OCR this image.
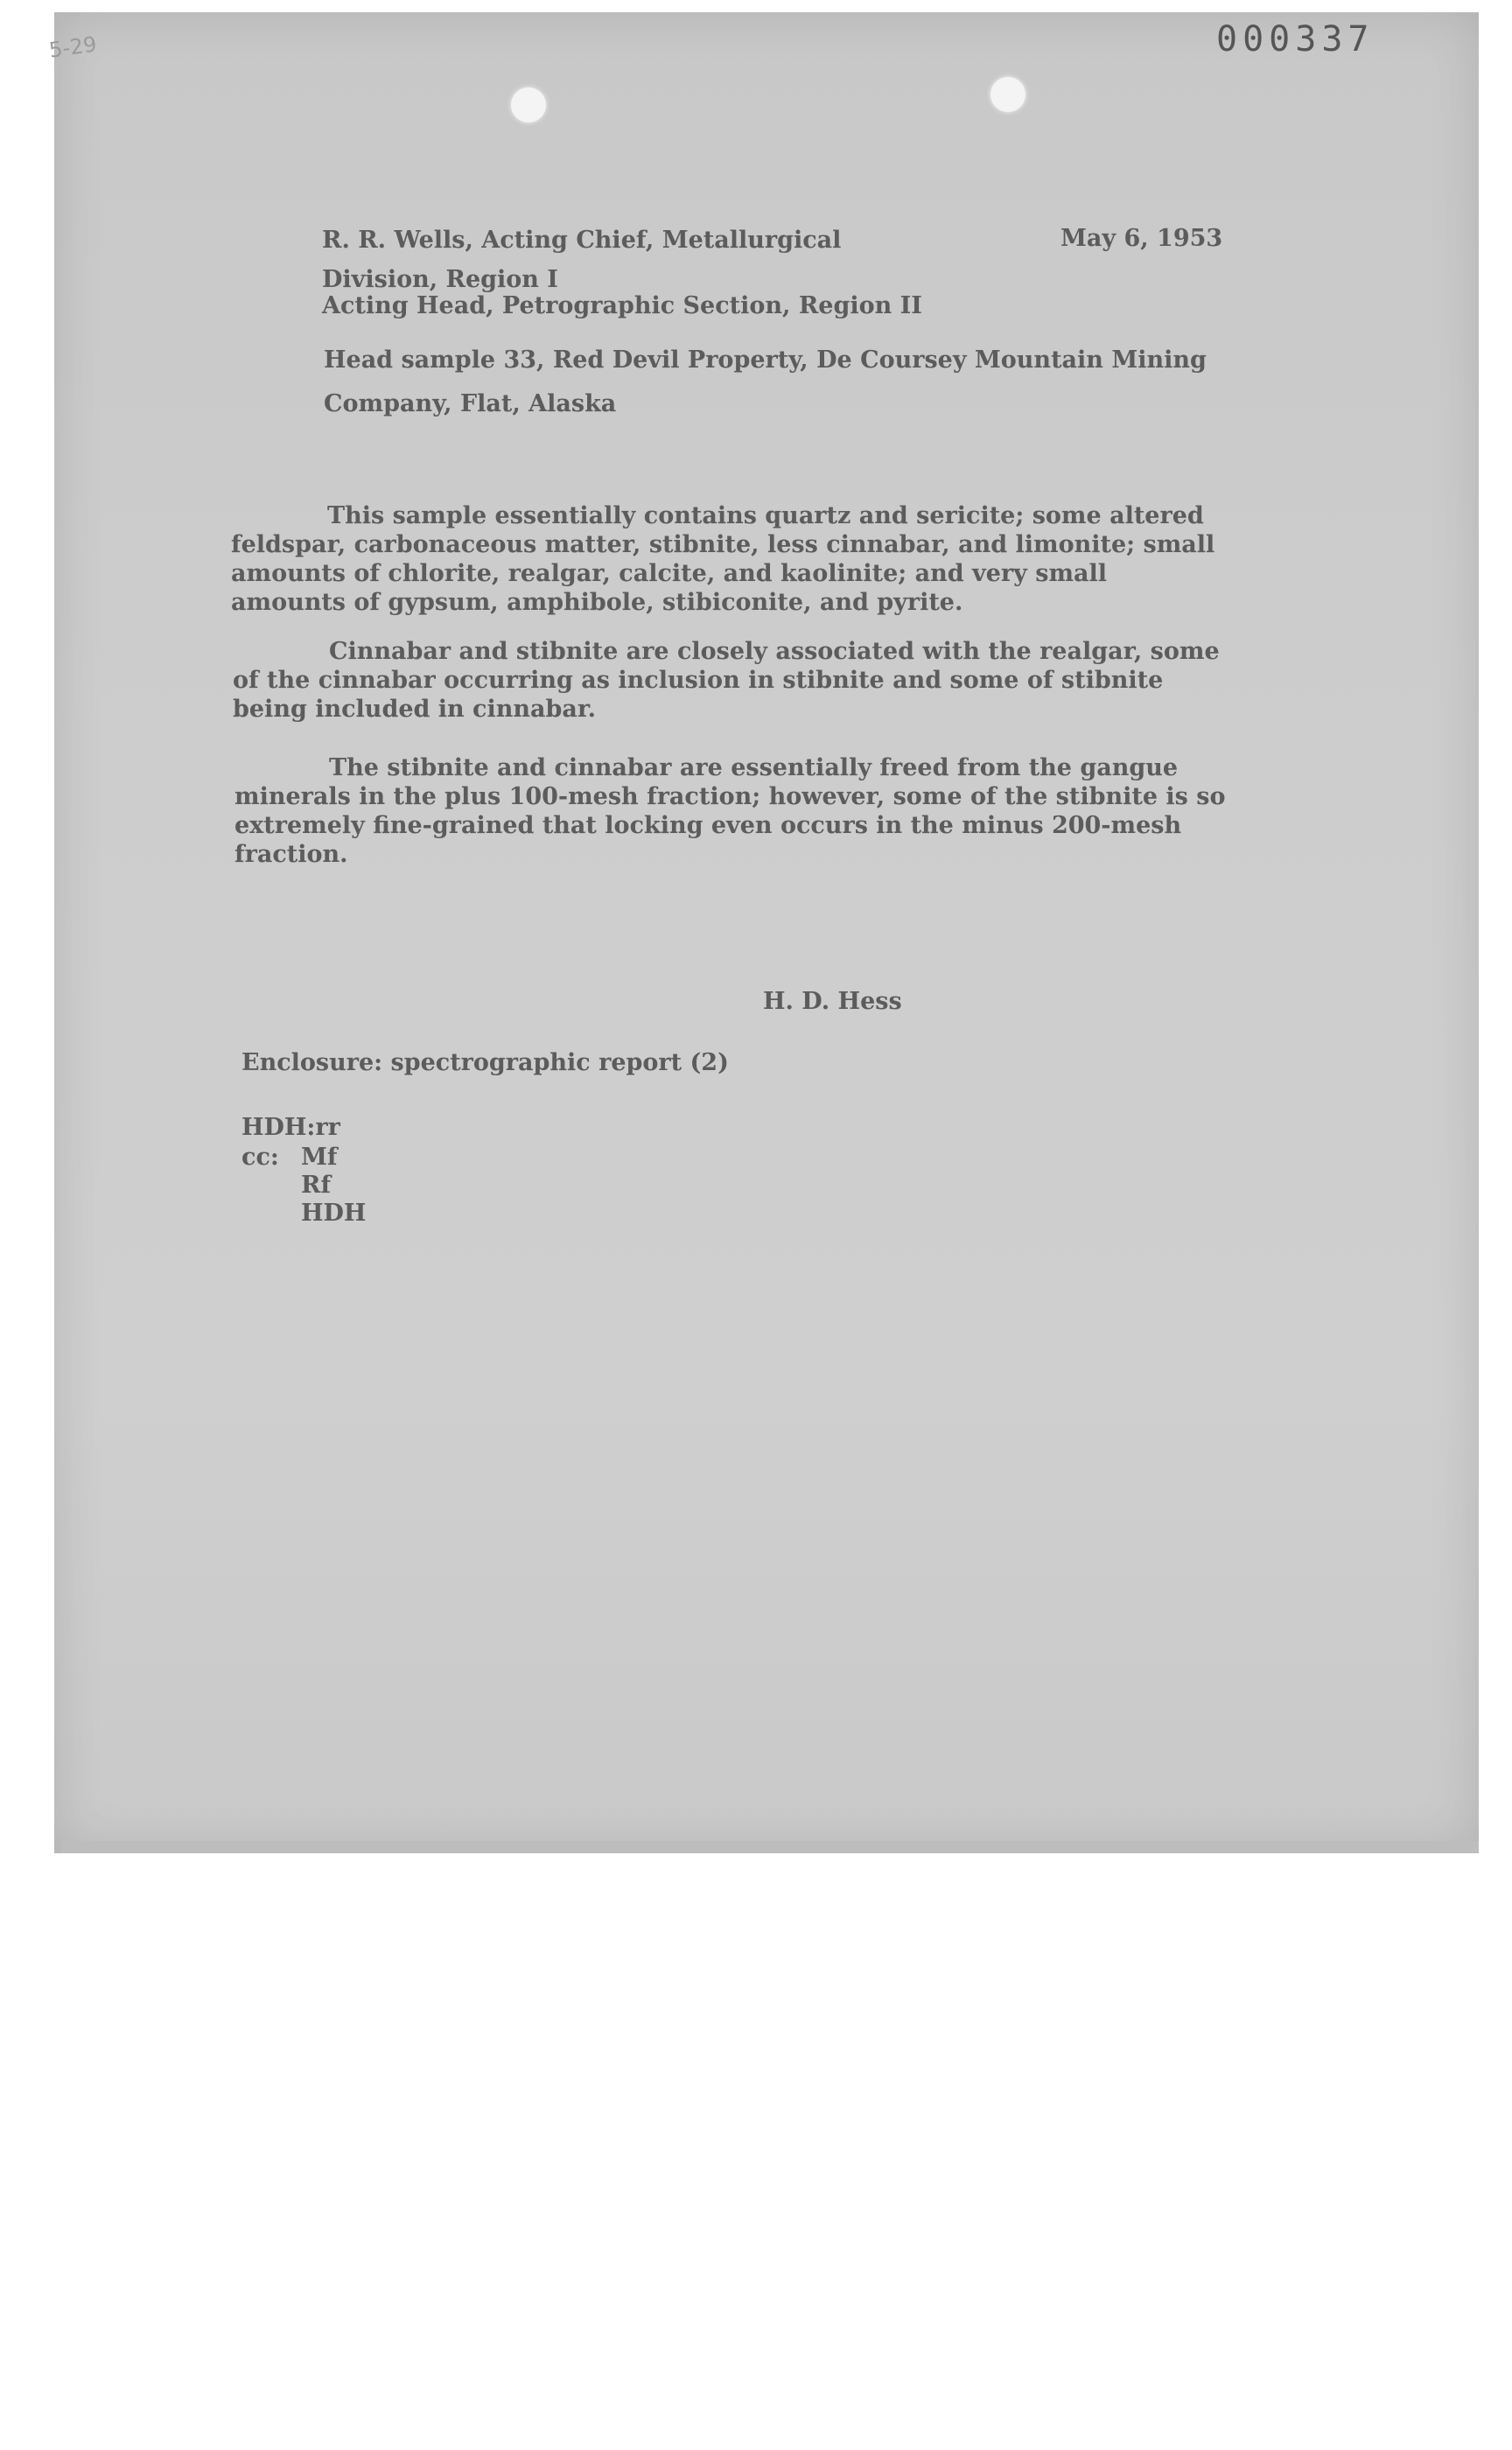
5-29	000337

R. R. Wells, Acting Chief, Metallurgical

Division, Region I

Acting Head, Petrographic Section, Region II

May 6, 1953

Head sample 33, Red Devil Property, De Coursey Mountain Mining

Company, Flat, Alaska

This sample essentially contains quartz and sericite; some altered feldspar, carbonaceous matter, stibnite, less cinnabar, and limonite; small amounts of chlorite, realgar, calcite, and kaolinite; and very small amounts of gypsum, amphibole, stibiconite, and pyrite.

Cinnabar and stibnite are closely associated with the realgar, some of the cinnabar occurring as inclusion in stibnite and some of stibnite being included in cinnabar.

The stibnite and cinnabar are essentially freed from the gangue minerals in the plus 100-mesh fraction; however, some of the stibnite is so extremely fine-grained that locking even occurs in the minus 200-mesh fraction.

H. D. Hess

Enclosure: spectrographic report (2)

HDH:rr

cc: Mf

Rf

HDH
